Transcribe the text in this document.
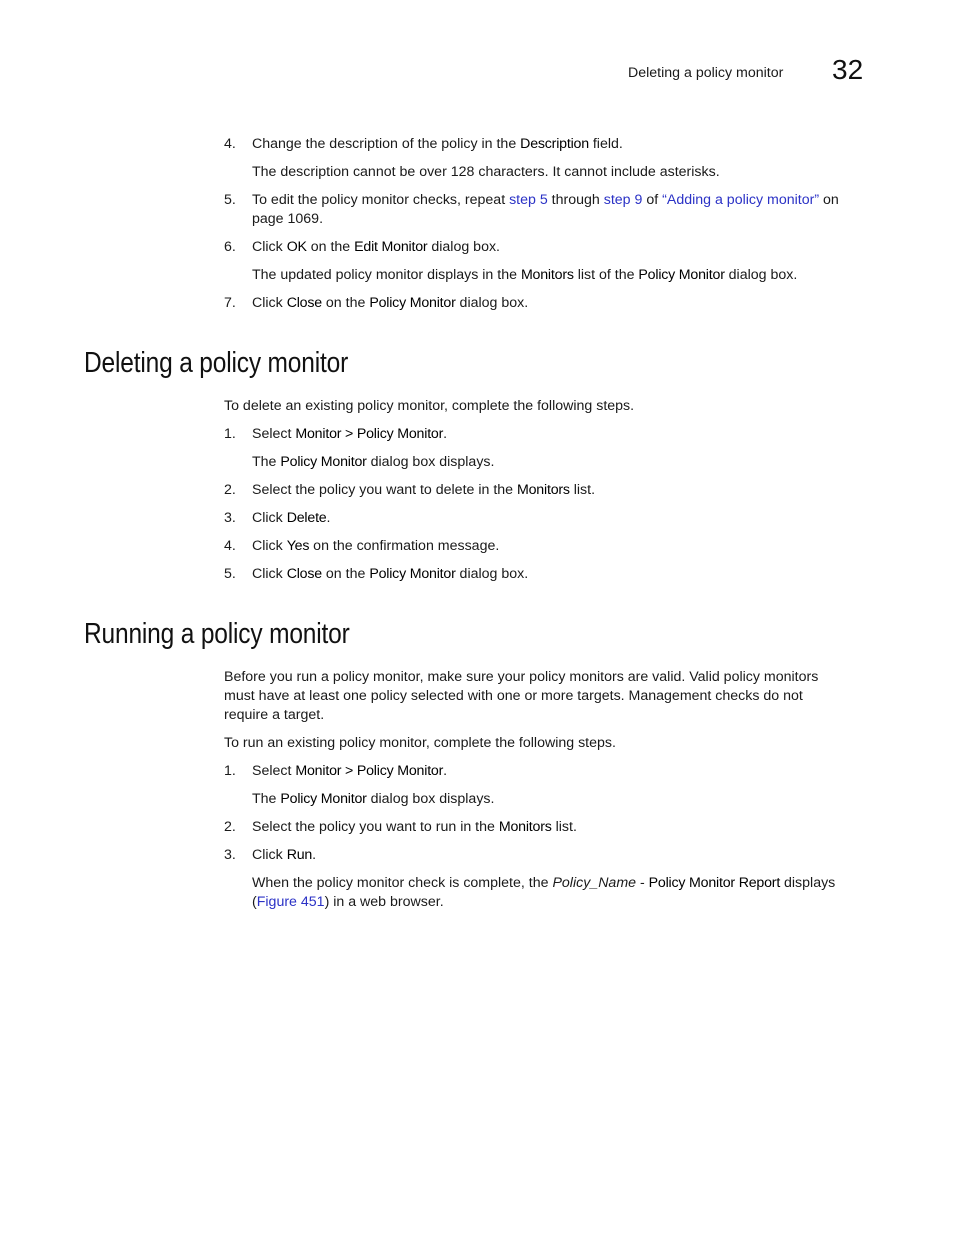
Deleting a policy monitor 32
4. Change the description of the policy in the Description field.
The description cannot be over 128 characters. It cannot include asterisks.
5. To edit the policy monitor checks, repeat step 5 through step 9 of “Adding a policy monitor” on
page 1069.
6. Click OK on the Edit Monitor dialog box.
The updated policy monitor displays in the Monitors list of the Policy Monitor dialog box.
7. Click Close on the Policy Monitor dialog box.
Deleting a policy monitor
To delete an existing policy monitor, complete the following steps.
1. Select Monitor > Policy Monitor.
The Policy Monitor dialog box displays.
2. Select the policy you want to delete in the Monitors list.
3. Click Delete.
4. Click Yes on the confirmation message.
5. Click Close on the Policy Monitor dialog box.
Running a policy monitor
Before you run a policy monitor, make sure your policy monitors are valid. Valid policy monitors
must have at least one policy selected with one or more targets. Management checks do not
require a target.
To run an existing policy monitor, complete the following steps.
1. Select Monitor > Policy Monitor.
The Policy Monitor dialog box displays.
2. Select the policy you want to run in the Monitors list.
3. Click Run.
When the policy monitor check is complete, the Policy_Name - Policy Monitor Report displays
(Figure 451) in a web browser.
